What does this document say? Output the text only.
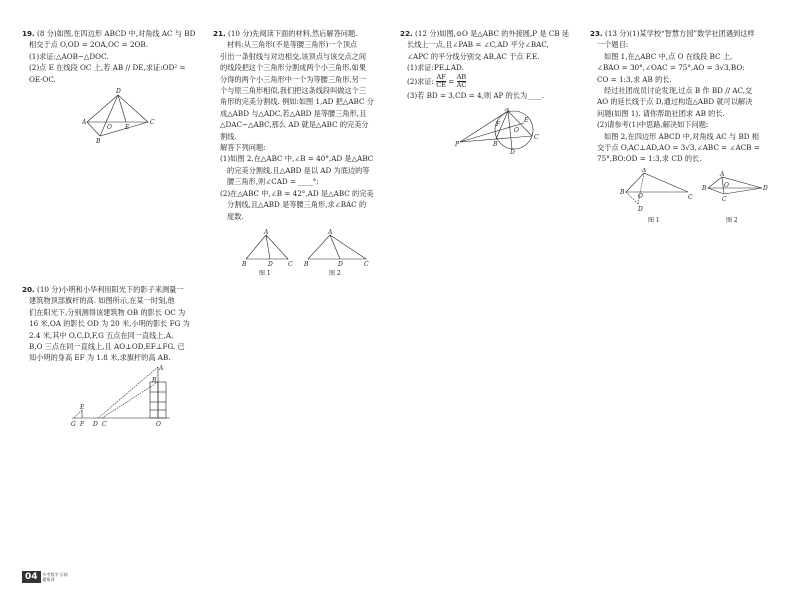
19. (8 分)如图,在四边形 ABCD 中,对角线 AC 与 BD

相交于点 O,OD = 2OA,OC = 2OB.

(1)求证:△AOB∽△DOC.

(2)点 E 在线段 OC 上,若 AB // DE,求证:OD² =

OE·OC.

D
A	C
B
O E

20. (10 分)小明和小华利用阳光下的影子来测量一

建筑物顶部旗杆的高. 如图所示,在某一时刻,他

们在阳光下,分别测得该建筑物 OB 的影长 OC 为

16 米,OA 的影长 OD 为 20 米,小明的影长 FG 为

2.4 米,其中 O,C,D,F,G 五点在同一直线上,A,

B,O 三点在同一直线上,且 AO⊥OD,EF⊥FG. 已

知小明的身高 EF 为 1.8 米,求旗杆的高 AB.

A
B
E
G F D C	O

21. (10 分)先阅读下面的材料,然后解答问题.

材料:从三角形(不是等腰三角形)一个顶点

引出一条射线与对边相交,该顶点与该交点之间

的线段把这个三角形分割成两个小三角形,如果

分得的两个小三角形中一个为等腰三角形,另一

个与原三角形相似,我们把这条线段叫做这个三

角形的完美分割线. 例如:如图 1,AD 把△ABC 分

成△ABD 与△ADC,若△ABD 是等腰三角形,且

△DAC∽△ABC,那么 AD 就是△ABC 的完美分

割线.

解答下列问题:

(1)如图 2,在△ABC 中,∠B = 40°,AD 是△ABC

的完美分割线,且△ABD 是以 AD 为底边的等

腰三角形,则∠CAD = ____°;

(2)在△ABC 中,∠B = 42°,AD 是△ABC 的完美

分割线,且△ABD 是等腰三角形,求∠BAC 的

度数.

A
B	D	C
图 1
A
B	D	C
图 2

22. (12 分)如图,⊙O 是△ABC 的外接圆,P 是 CB 延

长线上一点,且∠PAB = ∠C,AD 平分∠BAC,

∠APC 的平分线分别交 AB,AC 于点 F,E.

(1)求证:PE⊥AD.

(2)求证: $\frac{AF}{CE} = \frac{AB}{AC}$

(3)若 BD = 3,CD = 4,则 AP 的长为____.

A
P
F
E
O
B
C
D

23. (13 分)(1)某学校“智慧方园”数学社团遇到这样

一个题目:

如图 1,在△ABC 中,点 O 在线段 BC 上,

∠BAO = 30°,∠OAC = 75°,AO = 3√3,BO:

CO = 1:3,求 AB 的长.

经过社团成员讨论发现,过点 B 作 BD // AC,交

AO 的延长线于点 D,通过构造△ABD 就可以解决

问题(如图 1). 请你帮助社团求 AB 的长.

(2)请参考(1)中思路,解决如下问题:

如图 2,在四边形 ABCD 中,对角线 AC 与 BD 相

交于点 O,AC⊥AD,AO = 3√3,∠ABC = ∠ACB =

75°,BO:OD = 1:3,求 CD 的长.

A
B
O	C
D
图 1
A
B	O	D
C
图 2
04	中考数学 压轴题集训
